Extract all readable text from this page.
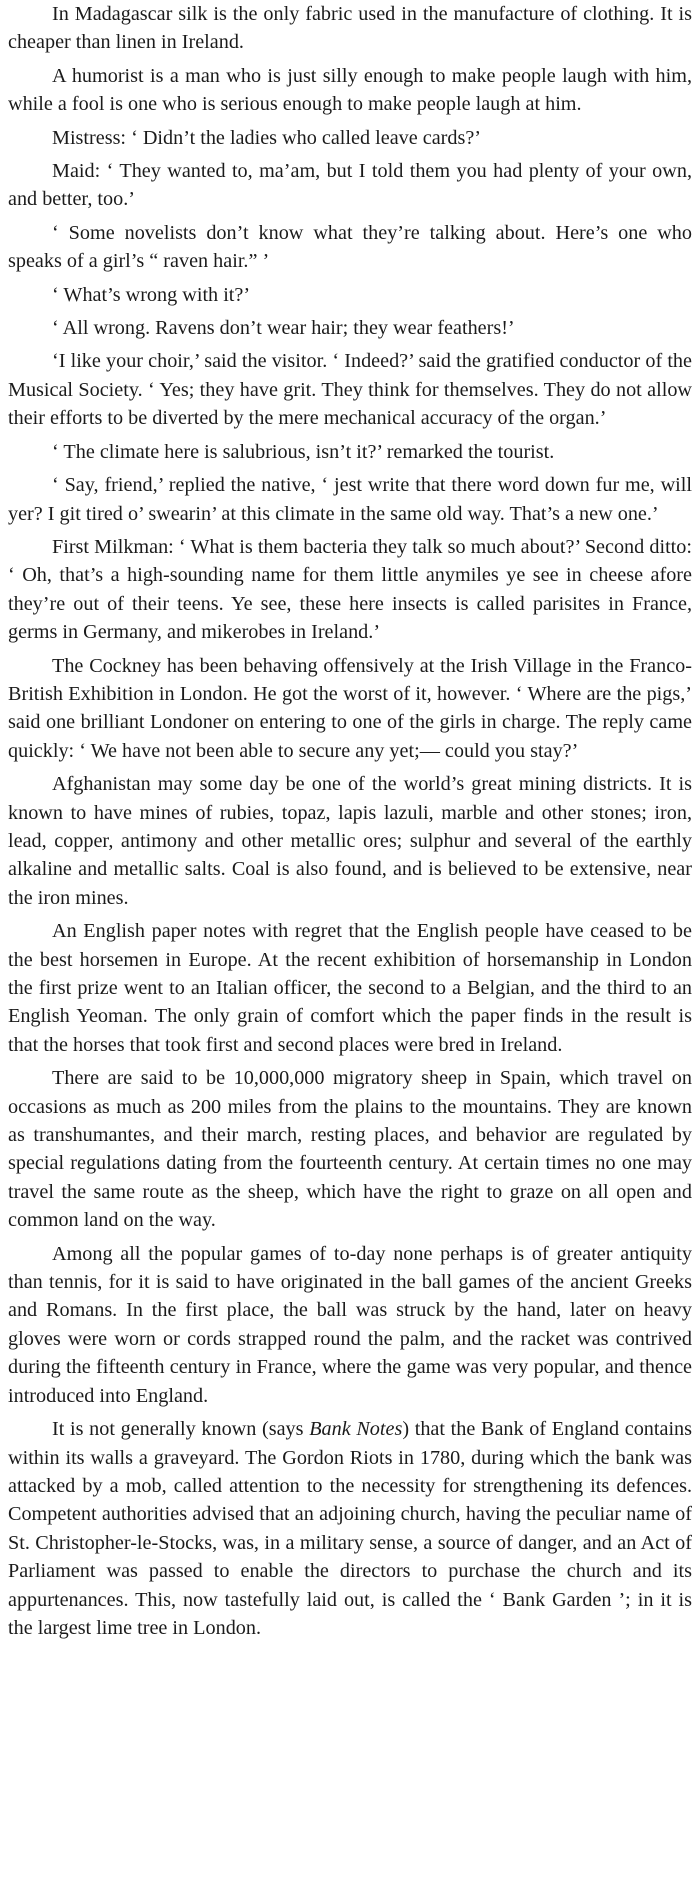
In Madagascar silk is the only fabric used in the manufacture of clothing. It is cheaper than linen in Ireland.

A humorist is a man who is just silly enough to make people laugh with him, while a fool is one who is serious enough to make people laugh at him.

Mistress: ‘ Didn’t the ladies who called leave cards?’

Maid: ‘ They wanted to, ma’am, but I told them you had plenty of your own, and better, too.’

‘ Some novelists don’t know what they’re talking about. Here’s one who speaks of a girl’s “ raven hair.” ’

‘ What’s wrong with it?’

‘ All wrong. Ravens don’t wear hair; they wear feathers!’

‘I like your choir,’ said the visitor. ‘ Indeed?’ said the gratified conductor of the Musical Society. ‘ Yes; they have grit. They think for themselves. They do not allow their efforts to be diverted by the mere mechanical accuracy of the organ.’

‘ The climate here is salubrious, isn’t it?’ remarked the tourist.

‘ Say, friend,’ replied the native, ‘ jest write that there word down fur me, will yer? I git tired o’ swearin’ at this climate in the same old way. That’s a new one.’

First Milkman: ‘ What is them bacteria they talk so much about?’ Second ditto: ‘ Oh, that’s a high-sounding name for them little anymiles ye see in cheese afore they’re out of their teens. Ye see, these here insects is called parisites in France, germs in Germany, and mikerobes in Ireland.’

The Cockney has been behaving offensively at the Irish Village in the Franco-British Exhibition in London. He got the worst of it, however. ‘ Where are the pigs,’ said one brilliant Londoner on entering to one of the girls in charge. The reply came quickly: ‘ We have not been able to secure any yet;— could you stay?’

Afghanistan may some day be one of the world’s great mining districts. It is known to have mines of rubies, topaz, lapis lazuli, marble and other stones; iron, lead, copper, antimony and other metallic ores; sulphur and several of the earthly alkaline and metallic salts. Coal is also found, and is believed to be extensive, near the iron mines.

An English paper notes with regret that the English people have ceased to be the best horsemen in Europe. At the recent exhibition of horsemanship in London the first prize went to an Italian officer, the second to a Belgian, and the third to an English Yeoman. The only grain of comfort which the paper finds in the result is that the horses that took first and second places were bred in Ireland.

There are said to be 10,000,000 migratory sheep in Spain, which travel on occasions as much as 200 miles from the plains to the mountains. They are known as transhumantes, and their march, resting places, and behavior are regulated by special regulations dating from the fourteenth century. At certain times no one may travel the same route as the sheep, which have the right to graze on all open and common land on the way.

Among all the popular games of to-day none perhaps is of greater antiquity than tennis, for it is said to have originated in the ball games of the ancient Greeks and Romans. In the first place, the ball was struck by the hand, later on heavy gloves were worn or cords strapped round the palm, and the racket was contrived during the fifteenth century in France, where the game was very popular, and thence introduced into England.

It is not generally known (says Bank Notes) that the Bank of England contains within its walls a graveyard. The Gordon Riots in 1780, during which the bank was attacked by a mob, called attention to the necessity for strengthening its defences. Competent authorities advised that an adjoining church, having the peculiar name of St. Christopher-le-Stocks, was, in a military sense, a source of danger, and an Act of Parliament was passed to enable the directors to purchase the church and its appurtenances. This, now tastefully laid out, is called the ‘ Bank Garden ’; in it is the largest lime tree in London.
